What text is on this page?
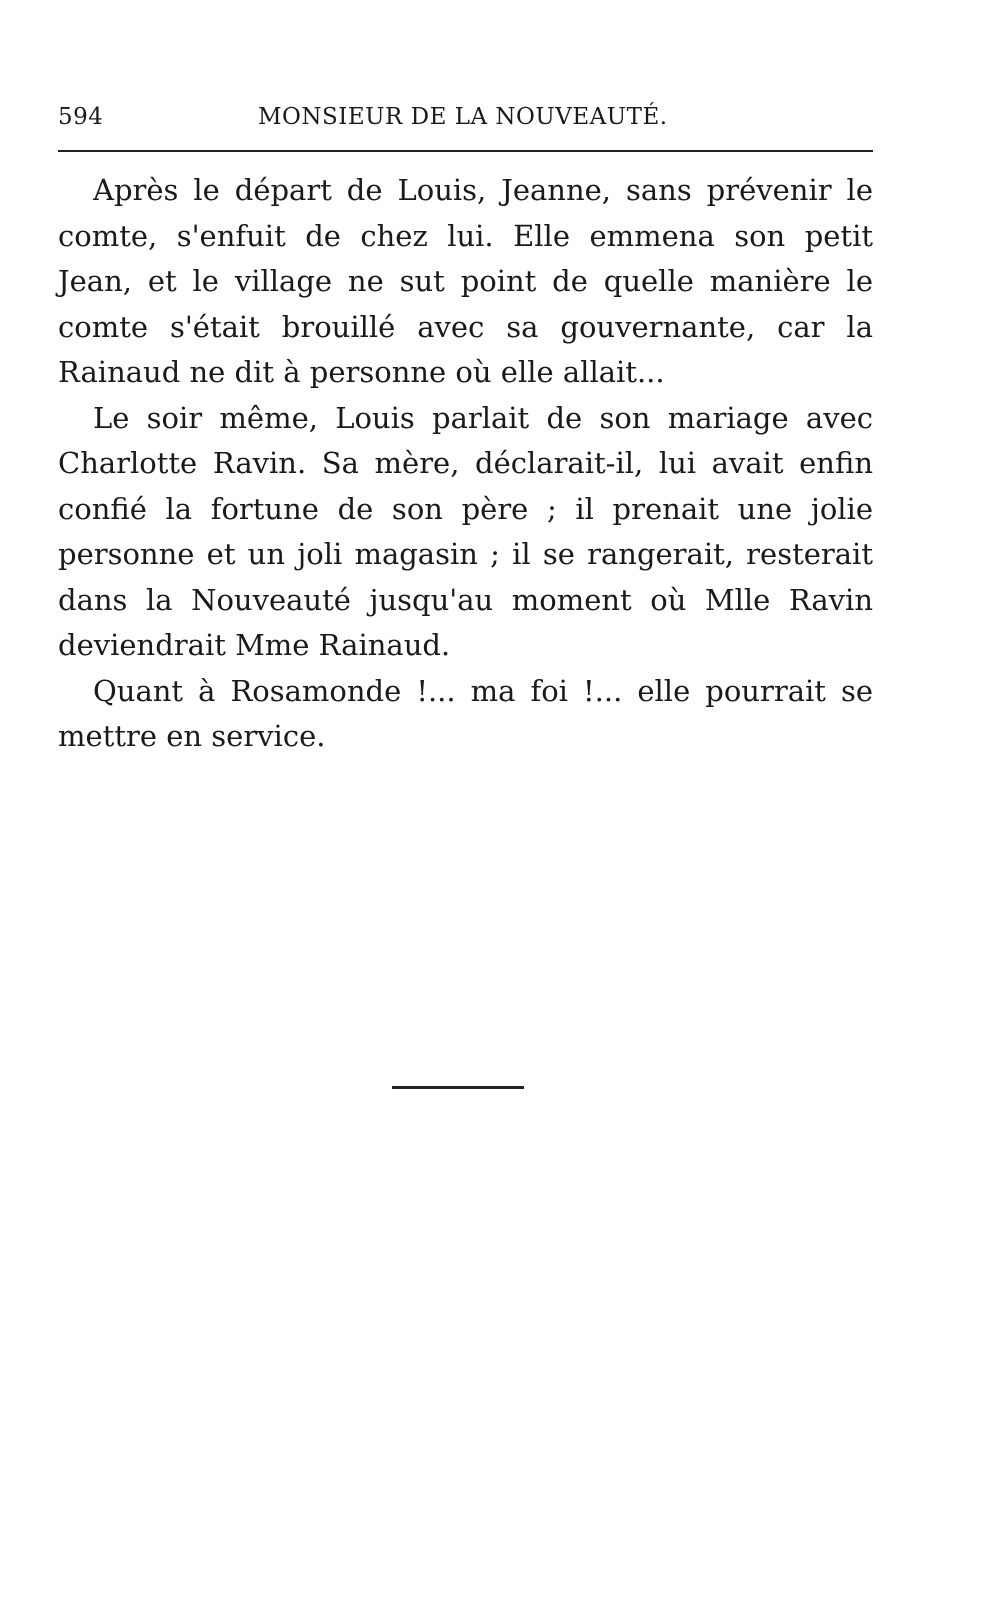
594	MONSIEUR DE LA NOUVEAUTÉ.

Après le départ de Louis, Jeanne, sans prévenir le comte, s'enfuit de chez lui. Elle emmena son petit Jean, et le village ne sut point de quelle manière le comte s'était brouillé avec sa gouvernante, car la Rainaud ne dit à personne où elle allait...

Le soir même, Louis parlait de son mariage avec Charlotte Ravin. Sa mère, déclarait-il, lui avait enfin confié la fortune de son père ; il prenait une jolie personne et un joli magasin ; il se rangerait, resterait dans la Nouveauté jusqu'au moment où Mlle Ravin deviendrait Mme Rainaud.

Quant à Rosamonde !... ma foi !... elle pourrait se mettre en service.
